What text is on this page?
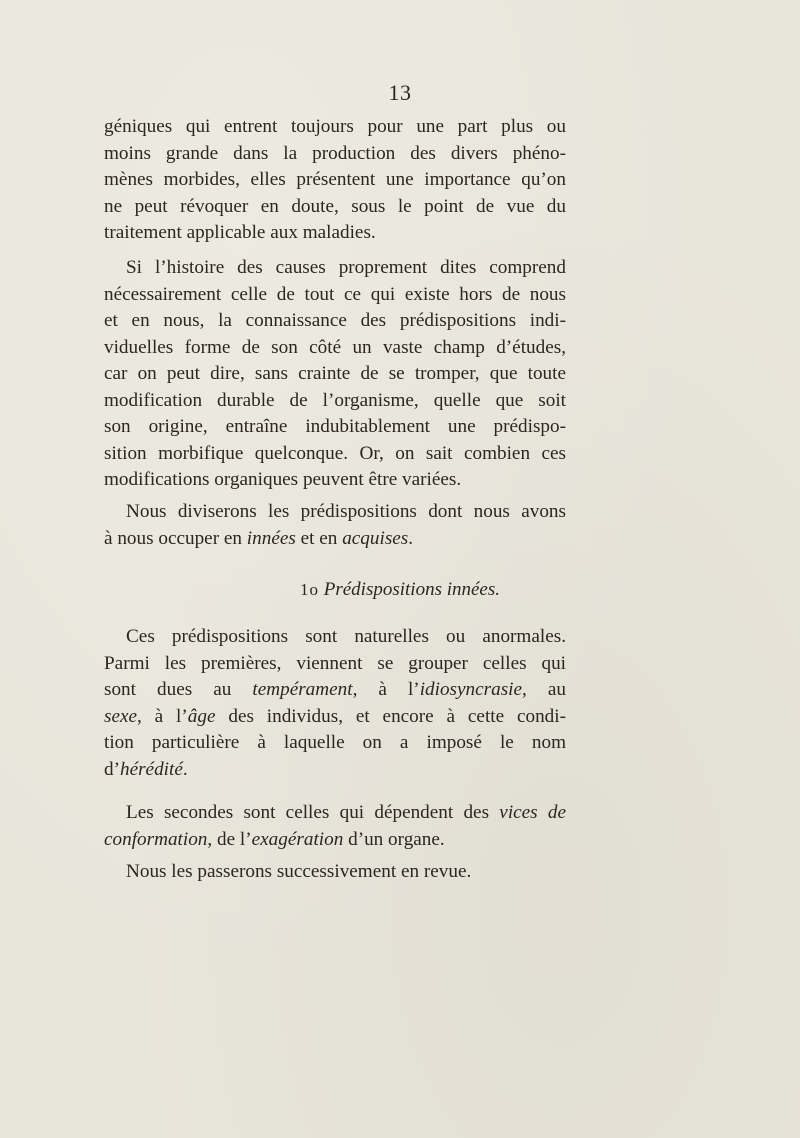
13
géniques qui entrent toujours pour une part plus ou
moins grande dans la production des divers phéno-
mènes morbides, elles présentent une importance qu’on
ne peut révoquer en doute, sous le point de vue du
traitement applicable aux maladies.
Si l’histoire des causes proprement dites comprend
nécessairement celle de tout ce qui existe hors de nous
et en nous, la connaissance des prédispositions indi-
viduelles forme de son côté un vaste champ d’études,
car on peut dire, sans crainte de se tromper, que toute
modification durable de l’organisme, quelle que soit
son origine, entraîne indubitablement une prédispo-
sition morbifique quelconque. Or, on sait combien ces
modifications organiques peuvent être variées.
Nous diviserons les prédispositions dont nous avons
à nous occuper en innées et en acquises.
1o Prédispositions innées.
Ces prédispositions sont naturelles ou anormales.
Parmi les premières, viennent se grouper celles qui
sont dues au tempérament, à l’idiosyncrasie, au
sexe, à l’âge des individus, et encore à cette condi-
tion particulière à laquelle on a imposé le nom
d’hérédité.
Les secondes sont celles qui dépendent des vices de
conformation, de l’exagération d’un organe.
Nous les passerons successivement en revue.
